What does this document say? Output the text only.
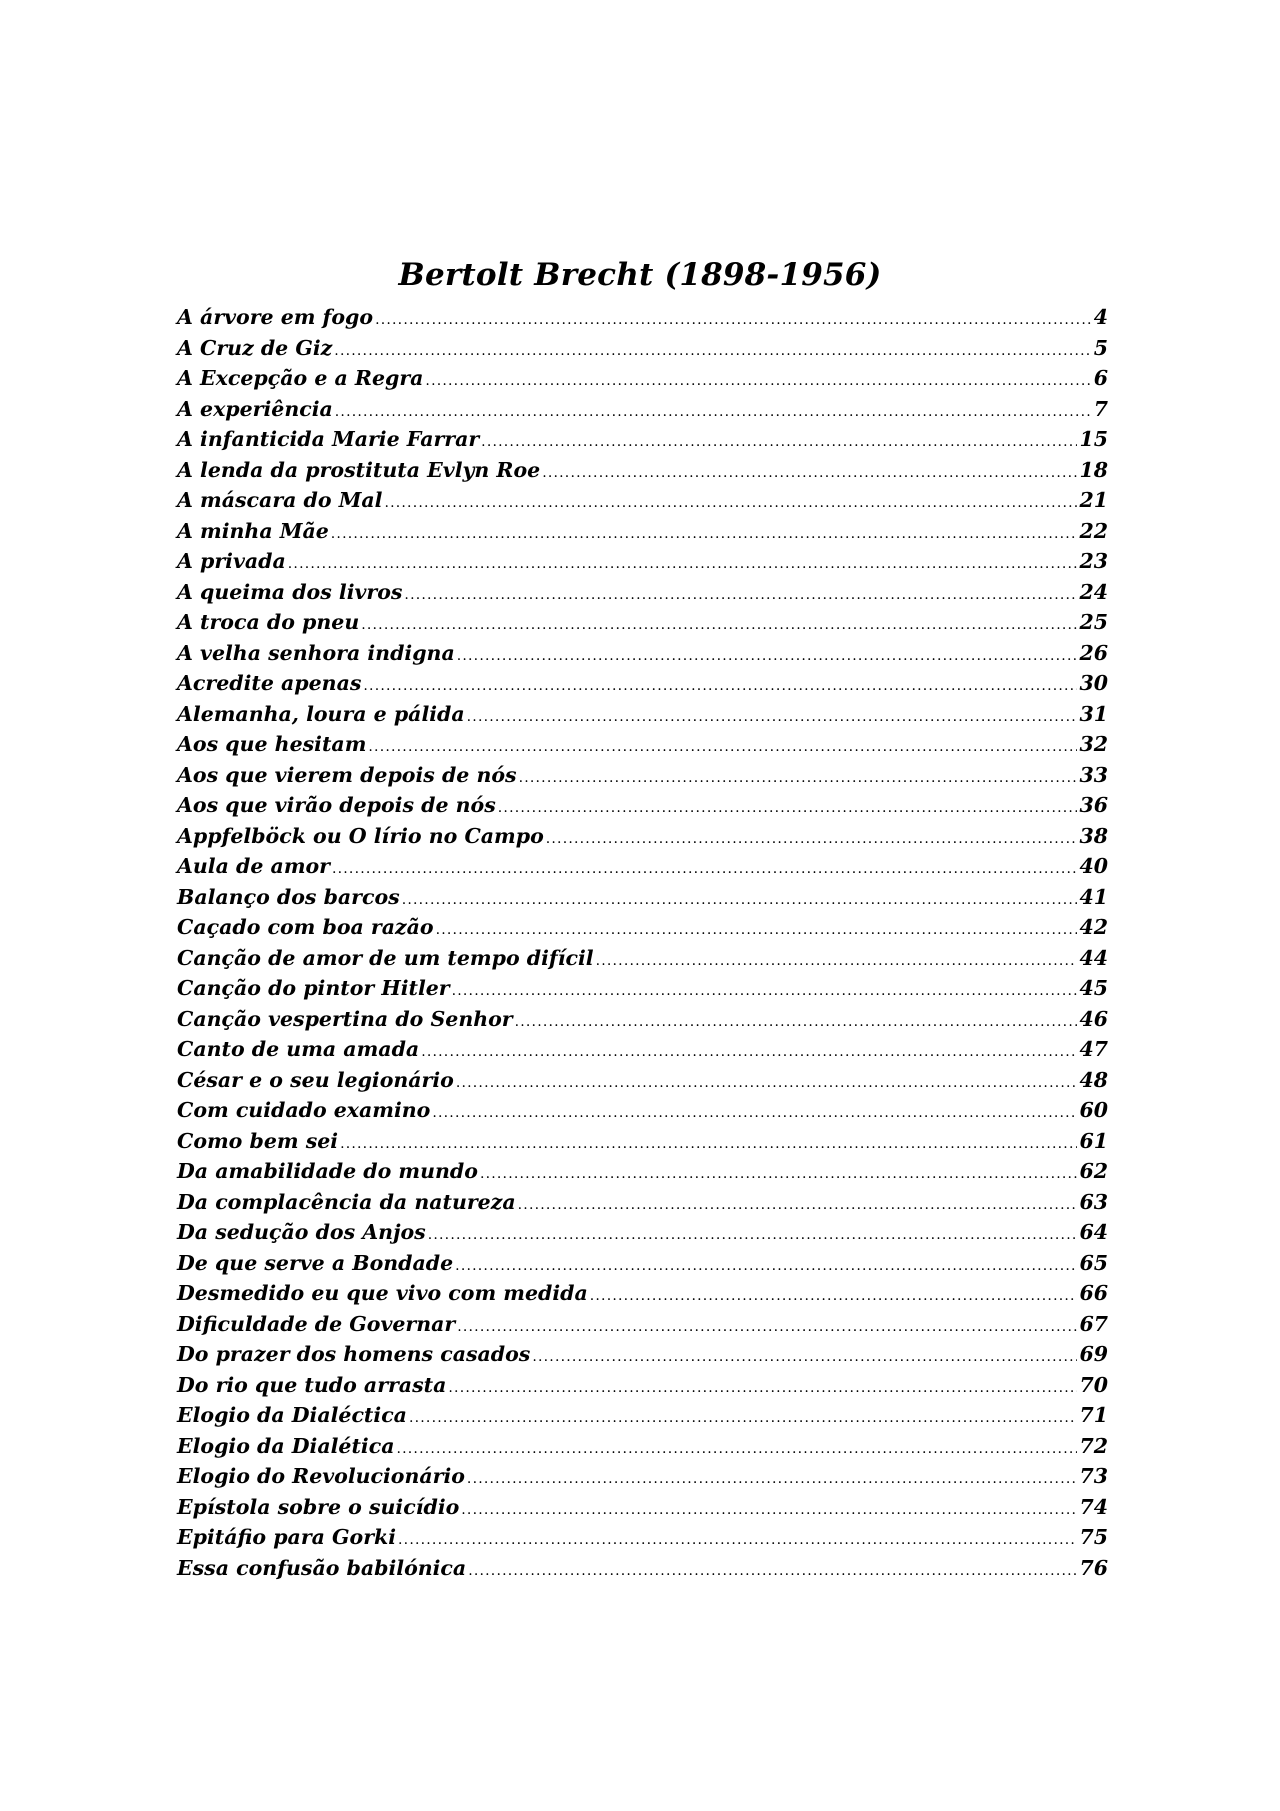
Bertolt Brecht (1898-1956)
A árvore em fogo .....	4
A Cruz de Giz .....	5
A Excepção e a Regra .....	6
A experiência .....	7
A infanticida Marie Farrar .....	15
A lenda da prostituta Evlyn Roe .....	18
A máscara do Mal .....	21
A minha Mãe .....	22
A privada .....	23
A queima dos livros .....	24
A troca do pneu .....	25
A velha senhora indigna .....	26
Acredite apenas .....	30
Alemanha, loura e pálida .....	31
Aos que hesitam .....	32
Aos que vierem depois de nós .....	33
Aos que virão depois de nós .....	36
Appfelböck ou O lírio no Campo .....	38
Aula de amor .....	40
Balanço dos barcos .....	41
Caçado com boa razão .....	42
Canção de amor de um tempo difícil .....	44
Canção do pintor Hitler .....	45
Canção vespertina do Senhor .....	46
Canto de uma amada .....	47
César e o seu legionário .....	48
Com cuidado examino .....	60
Como bem sei .....	61
Da amabilidade do mundo .....	62
Da complacência da natureza .....	63
Da sedução dos Anjos .....	64
De que serve a Bondade .....	65
Desmedido eu que vivo com medida .....	66
Dificuldade de Governar .....	67
Do prazer dos homens casados .....	69
Do rio que tudo arrasta .....	70
Elogio da Dialéctica .....	71
Elogio da Dialética .....	72
Elogio do Revolucionário .....	73
Epístola sobre o suicídio .....	74
Epitáfio para Gorki .....	75
Essa confusão babilónica .....	76
